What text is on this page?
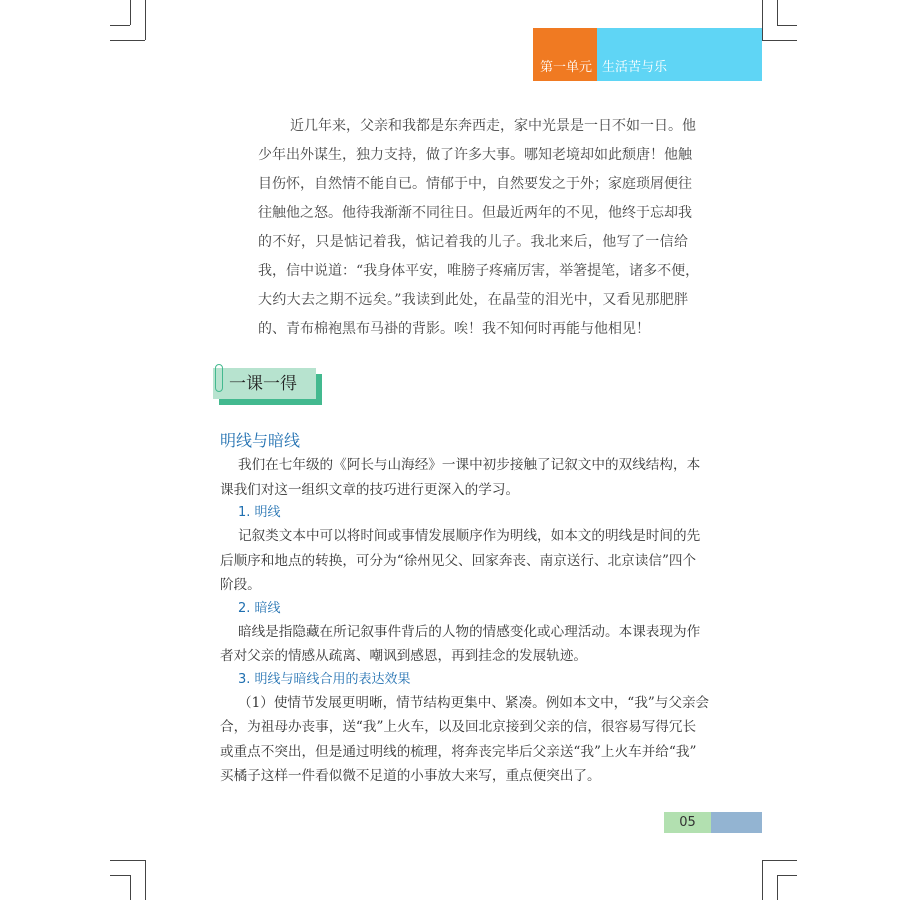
第一单元 生活苦与乐
近几年来，父亲和我都是东奔西走，家中光景是一日不如一日。他
少年出外谋生，独力支持，做了许多大事。哪知老境却如此颓唐！他触
目伤怀，自然情不能自已。情郁于中，自然要发之于外；家庭琐屑便往
往触他之怒。他待我渐渐不同往日。但最近两年的不见，他终于忘却我
的不好，只是惦记着我，惦记着我的儿子。我北来后，他写了一信给
我，信中说道：“我身体平安，唯膀子疼痛厉害，举箸提笔，诸多不便，
大约大去之期不远矣。”我读到此处，在晶莹的泪光中，又看见那肥胖
的、青布棉袍黑布马褂的背影。唉！我不知何时再能与他相见！
一课一得
明线与暗线
我们在七年级的《阿长与山海经》一课中初步接触了记叙文中的双线结构，本
课我们对这一组织文章的技巧进行更深入的学习。
1. 明线
记叙类文本中可以将时间或事情发展顺序作为明线，如本文的明线是时间的先
后顺序和地点的转换，可分为“徐州见父、回家奔丧、南京送行、北京读信”四个
阶段。
2. 暗线
暗线是指隐藏在所记叙事件背后的人物的情感变化或心理活动。本课表现为作
者对父亲的情感从疏离、嘲讽到感恩，再到挂念的发展轨迹。
3. 明线与暗线合用的表达效果
（1）使情节发展更明晰，情节结构更集中、紧凑。例如本文中，“我”与父亲会
合，为祖母办丧事，送“我”上火车，以及回北京接到父亲的信，很容易写得冗长
或重点不突出，但是通过明线的梳理，将奔丧完毕后父亲送“我”上火车并给“我”
买橘子这样一件看似微不足道的小事放大来写，重点便突出了。
05
